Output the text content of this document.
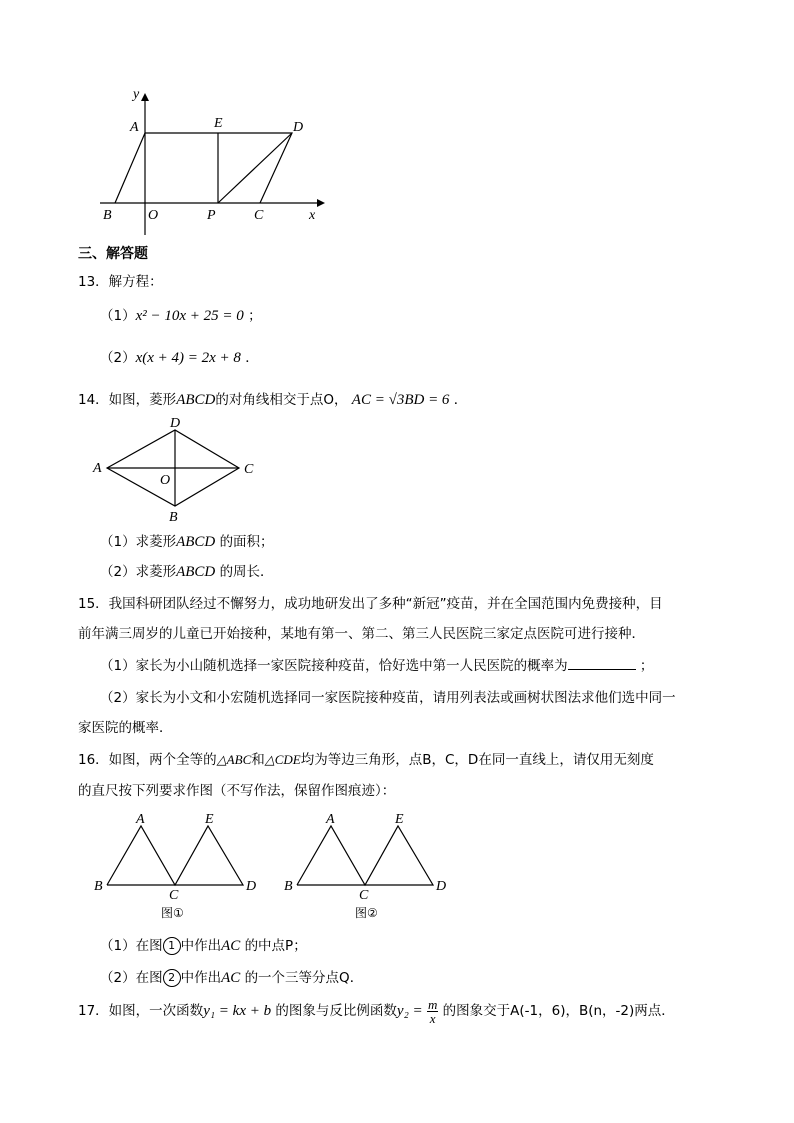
y
x
A	E	D
B	O	P	C
三、解答题
13．解方程：
（1）x² − 10x + 25 = 0 ；
（2）x(x + 4) = 2x + 8 ．
14．如图，菱形ABCD的对角线相交于点O， AC = √3BD = 6 ．
A	C
D
B
O
（1）求菱形ABCD 的面积；
（2）求菱形ABCD 的周长．
15．我国科研团队经过不懈努力，成功地研发出了多种“新冠”疫苗，并在全国范围内免费接种，目
前年满三周岁的儿童已开始接种，某地有第一、第二、第三人民医院三家定点医院可进行接种．
（1）家长为小山随机选择一家医院接种疫苗，恰好选中第一人民医院的概率为	；
（2）家长为小文和小宏随机选择同一家医院接种疫苗，请用列表法或画树状图法求他们选中同一
家医院的概率．
16．如图，两个全等的△ABC和△CDE均为等边三角形，点B，C，D在同一直线上，请仅用无刻度
的直尺按下列要求作图（不写作法，保留作图痕迹）：
A	E
B
C
D
图①
A	E
B
C
D
图②
（1）在图 1 中作出AC 的中点P；
（2）在图 2 中作出AC 的一个三等分点Q．
17．如图，一次函数y₁ = kx + b 的图象与反比例函数$y_2 = \frac{m}{x}$ 的图象交于A(-1，6)，B(n，-2)两点．
